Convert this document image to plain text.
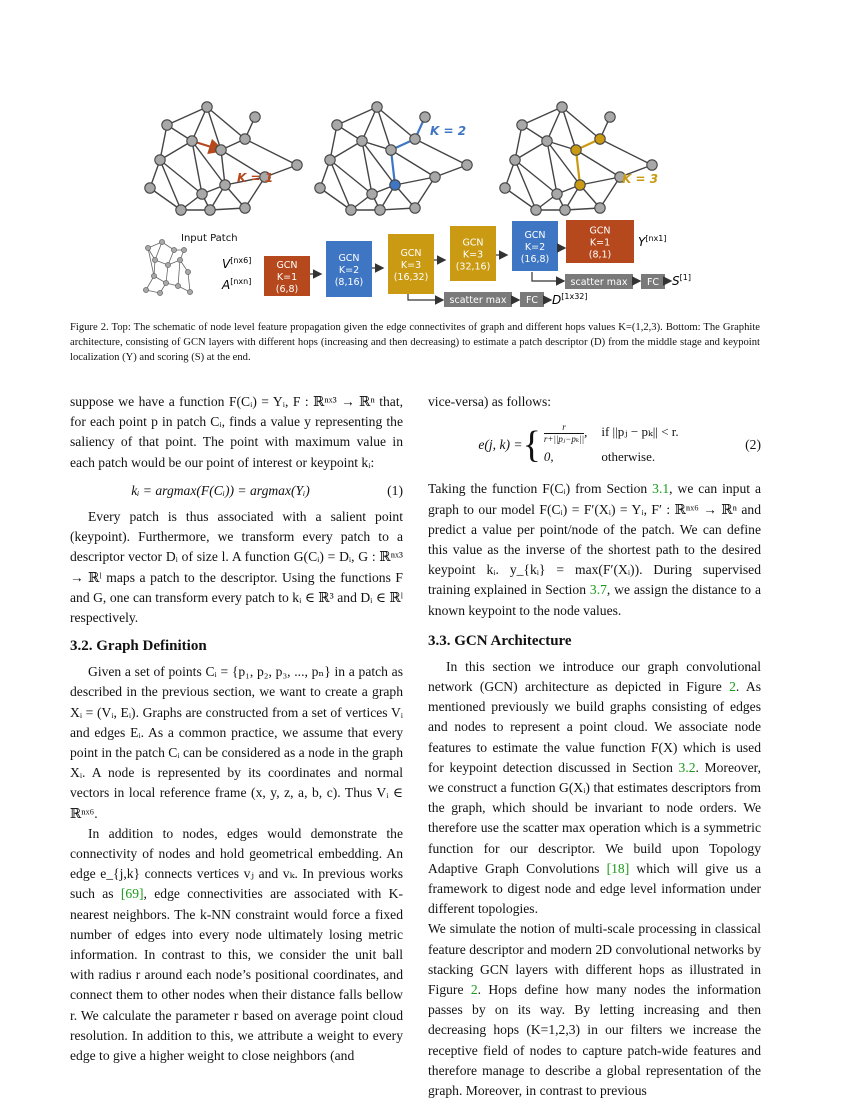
K = 1
K = 2
K = 3
Input Patch
V[nx6]
A[nxn]
GCN
K=1
(6,8)
GCN
K=2
(8,16)
GCN
K=3
(16,32)
GCN
K=3
(32,16)
GCN
K=2
(16,8)
GCN
K=1
(8,1)
Y[nx1]
scatter max FC D[1x32]
scatter max FC S[1]
Figure 2. Top: The schematic of node level feature propagation given the edge connectivites of graph and different hops values K=(1,2,3). Bottom: The Graphite architecture, consisting of GCN layers with different hops (increasing and then decreasing) to estimate a patch descriptor (D) from the middle stage and keypoint localization (Y) and scoring (S) at the end.

suppose we have a function F(Cᵢ) = Yᵢ, F : ℝⁿˣ³ → ℝⁿ that, for each point p in patch Cᵢ, finds a value y representing the saliency of that point. The point with maximum value in each patch would be our point of interest or keypoint kᵢ:

kᵢ = argmax(F(Cᵢ)) = argmax(Yᵢ)	(1)

Every patch is thus associated with a salient point (keypoint). Furthermore, we transform every patch to a descriptor vector Dᵢ of size l. A function G(Cᵢ) = Dᵢ, G : ℝⁿˣ³ → ℝˡ maps a patch to the descriptor. Using the functions F and G, one can transform every patch to kᵢ ∈ ℝ³ and Dᵢ ∈ ℝˡ respectively.

3.2. Graph Definition

Given a set of points Cᵢ = {p₁, p₂, p₃, ..., pₙ} in a patch as described in the previous section, we want to create a graph Xᵢ = (Vᵢ, Eᵢ). Graphs are constructed from a set of vertices Vᵢ and edges Eᵢ. As a common practice, we assume that every point in the patch Cᵢ can be considered as a node in the graph Xᵢ. A node is represented by its coordinates and normal vectors in local reference frame (x, y, z, a, b, c). Thus Vᵢ ∈ ℝⁿˣ⁶.

In addition to nodes, edges would demonstrate the connectivity of nodes and hold geometrical embedding. An edge e_{j,k} connects vertices vⱼ and vₖ. In previous works such as [69], edge connectivities are associated with K-nearest neighbors. The k-NN constraint would force a fixed number of edges into every node ultimately losing metric information. In contrast to this, we consider the unit ball with radius r around each node’s positional coordinates, and connect them to other nodes when their distance falls bellow r. We calculate the parameter r based on average point cloud resolution. In addition to this, we attribute a weight to every edge to give a higher weight to close neighbors (and

vice-versa) as follows:

e(j, k) = { $\frac{r}{\text{r+||pⱼ−pₖ||}}$ , if ||pⱼ − pₖ|| < r.
0,	otherwise.
(2)

Taking the function F(Cᵢ) from Section 3.1, we can input a graph to our model F(Cᵢ) = F′(Xᵢ) = Yᵢ, F′ : ℝⁿˣ⁶ → ℝⁿ and predict a value per point/node of the patch. We can define this value as the inverse of the shortest path to the desired keypoint kᵢ. y_{kᵢ} = max(F′(Xᵢ)). During supervised training explained in Section 3.7, we assign the distance to a known keypoint to the node values.

3.3. GCN Architecture

In this section we introduce our graph convolutional network (GCN) architecture as depicted in Figure 2. As mentioned previously we build graphs consisting of edges and nodes to represent a point cloud. We associate node features to estimate the value function F(X) which is used for keypoint detection discussed in Section 3.2. Moreover, we construct a function G(Xᵢ) that estimates descriptors from the graph, which should be invariant to node orders. We therefore use the scatter max operation which is a symmetric function for our descriptor. We build upon Topology Adaptive Graph Convolutions [18] which will give us a framework to digest node and edge level information under different topologies.

We simulate the notion of multi-scale processing in classical feature descriptor and modern 2D convolutional networks by stacking GCN layers with different hops as illustrated in Figure 2. Hops define how many nodes the information passes by on its way. By letting increasing and then decreasing hops (K=1,2,3) in our filters we increase the receptive field of nodes to capture patch-wide features and therefore manage to describe a global representation of the graph. Moreover, in contrast to previous
